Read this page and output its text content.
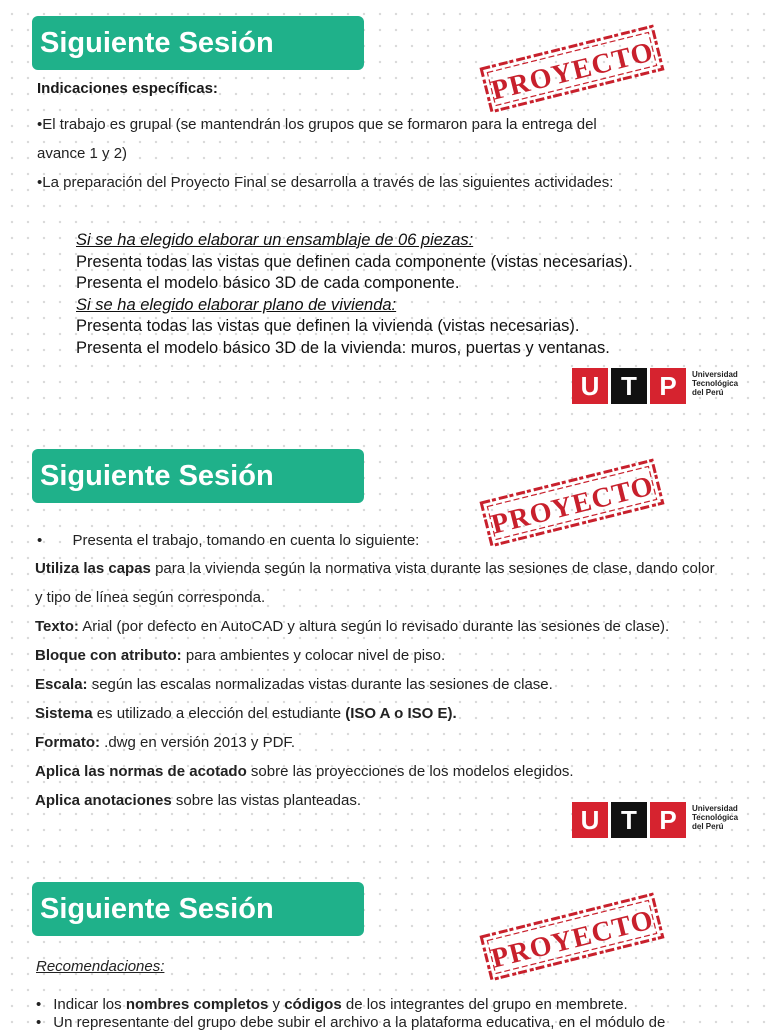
Siguiente Sesión	PROYECTO
Indicaciones específicas:
•El trabajo es grupal (se mantendrán los grupos que se formaron para la entrega del
avance 1 y 2)
•La preparación del Proyecto Final se desarrolla a través de las siguientes actividades:
Si se ha elegido elaborar un ensamblaje de 06 piezas:
Presenta todas las vistas que definen cada componente (vistas necesarias).
Presenta el modelo básico 3D de cada componente.
Si se ha elegido elaborar plano de vivienda:
Presenta todas las vistas que definen la vivienda (vistas necesarias).
Presenta el modelo básico 3D de la vivienda: muros, puertas y ventanas.
U T P	Universidad
Tecnológica
del Perú
Siguiente Sesión	PROYECTO
• Presenta el trabajo, tomando en cuenta lo siguiente:
Utiliza las capas para la vivienda según la normativa vista durante las sesiones de clase, dando color
y tipo de línea según corresponda.
Texto: Arial (por defecto en AutoCAD y altura según lo revisado durante las sesiones de clase).
Bloque con atributo: para ambientes y colocar nivel de piso.
Escala: según las escalas normalizadas vistas durante las sesiones de clase.
Sistema es utilizado a elección del estudiante (ISO A o ISO E).
Formato: .dwg en versión 2013 y PDF.
Aplica las normas de acotado sobre las proyecciones de los modelos elegidos.
Aplica anotaciones sobre las vistas planteadas.
U T P	Universidad
Tecnológica
del Perú
Siguiente Sesión	PROYECTO
Recomendaciones:
• Indicar los nombres completos y códigos de los integrantes del grupo en membrete.
• Un representante del grupo debe subir el archivo a la plataforma educativa, en el módulo de
